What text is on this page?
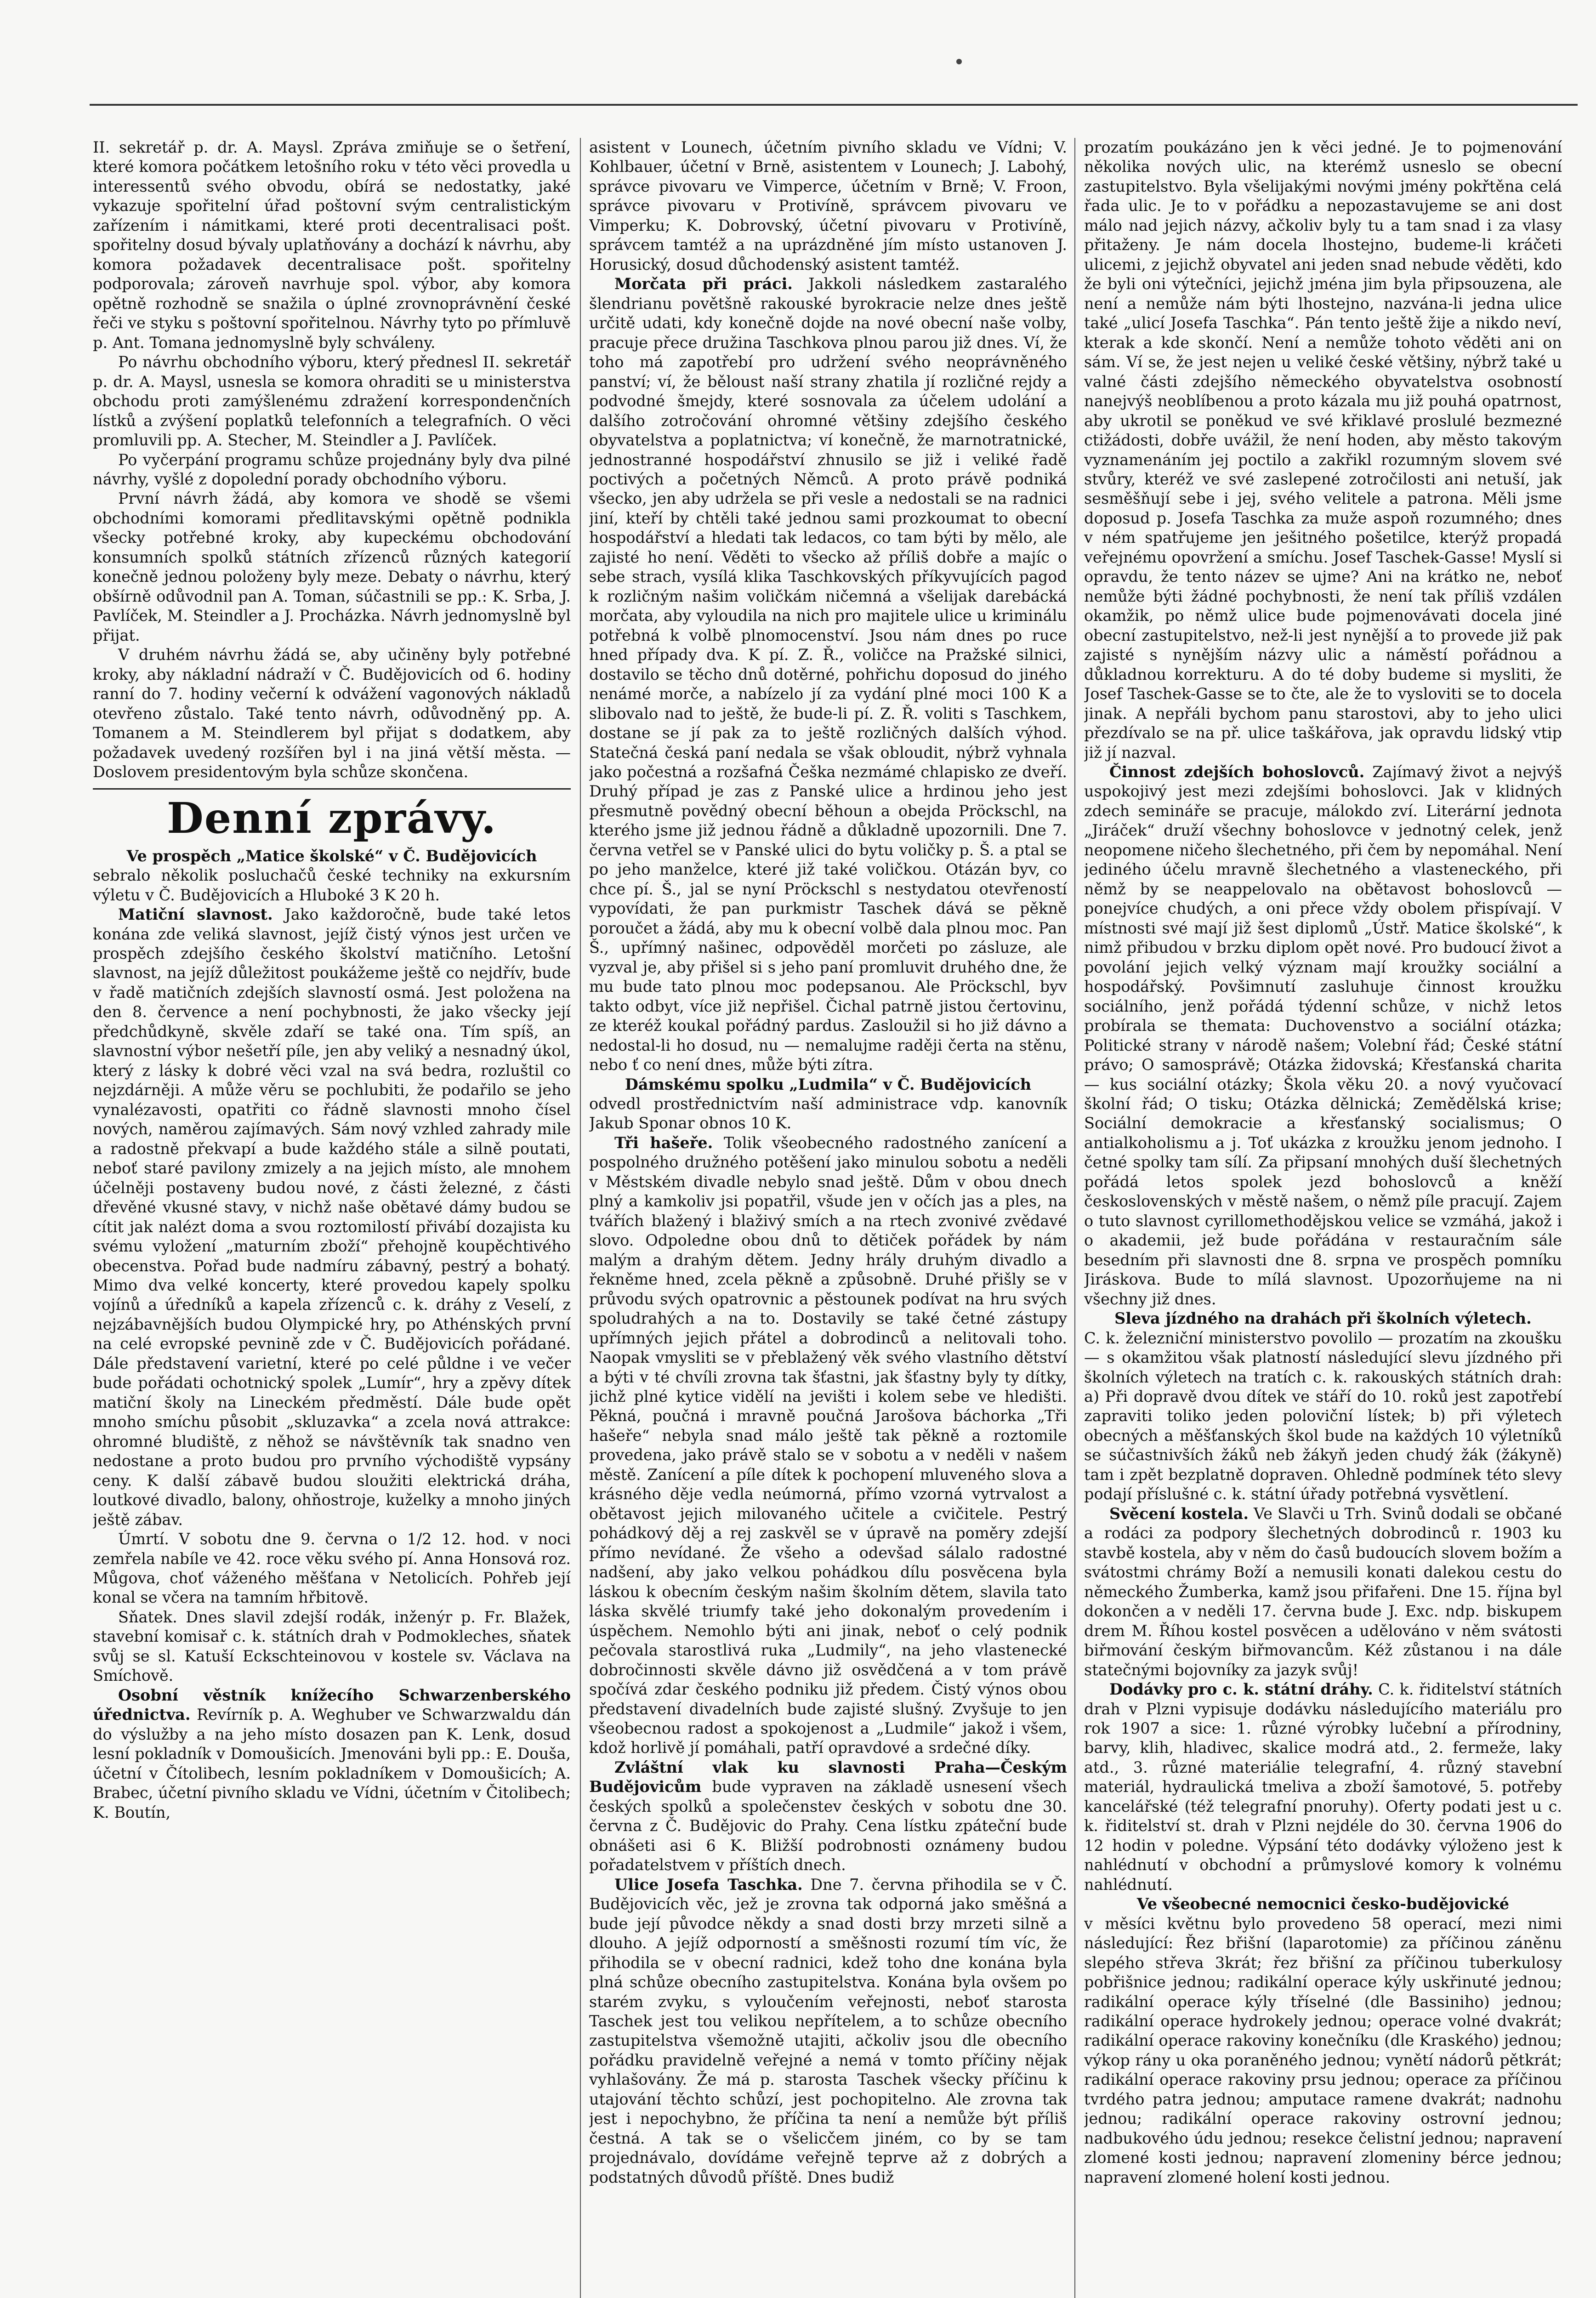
II. sekretář p. dr. A. Maysl. Zpráva zmiňuje se o šetření, které komora počátkem letošního roku v této věci provedla u interessentů svého obvodu, obírá se nedostatky, jaké vykazuje spořitelní úřad poštovní svým centralistickým zařízením i námitkami, které proti decentralisaci pošt. spořitelny dosud bývaly uplatňovány a dochází k návrhu, aby komora požadavek decentralisace pošt. spořitelny podporovala; zároveň navrhuje spol. výbor, aby komora opětně rozhodně se snažila o úplné zrovnoprávnění české řeči ve styku s poštovní spořitelnou. Návrhy tyto po přímluvě p. Ant. Tomana jednomyslně byly schváleny.

Po návrhu obchodního výboru, který přednesl II. sekretář p. dr. A. Maysl, usnesla se komora ohraditi se u ministerstva obchodu proti zamýšlenému zdražení korrespondenčních lístků a zvýšení poplatků telefonních a telegrafních. O věci promluvili pp. A. Stecher, M. Steindler a J. Pavlíček.

Po vyčerpání programu schůze projednány byly dva pilné návrhy, vyšlé z dopolední porady obchodního výboru.

První návrh žádá, aby komora ve shodě se všemi obchodními komorami předlitavskými opětně podnikla všecky potřebné kroky, aby kupeckému obchodování konsumních spolků státních zřízenců různých kategorií konečně jednou položeny byly meze. Debaty o návrhu, který obšírně odůvodnil pan A. Toman, súčastnili se pp.: K. Srba, J. Pavlíček, M. Steindler a J. Procházka. Návrh jednomyslně byl přijat.

V druhém návrhu žádá se, aby učiněny byly potřebné kroky, aby nákladní nádraží v Č. Budějovicích od 6. hodiny ranní do 7. hodiny večerní k odvážení vagonových nákladů otevřeno zůstalo. Také tento návrh, odůvodněný pp. A. Tomanem a M. Steindlerem byl přijat s dodatkem, aby požadavek uvedený rozšířen byl i na jiná větší města. — Doslovem presidentovým byla schůze skončena.

Denní zprávy.

Ve prospěch „Matice školské“ v Č. Budějovicích

sebralo několik posluchačů české techniky na exkursním výletu v Č. Budějovicích a Hluboké 3 K 20 h.

Matiční slavnost. Jako každoročně, bude také letos konána zde veliká slavnost, jejíž čistý výnos jest určen ve prospěch zdejšího českého školství matičního. Letošní slavnost, na jejíž důležitost poukážeme ještě co nejdřív, bude v řadě matičních zdejších slavností osmá. Jest položena na den 8. července a není pochybnosti, že jako všecky její předchůdkyně, skvěle zdaří se také ona. Tím spíš, an slavnostní výbor nešetří píle, jen aby veliký a nesnadný úkol, který z lásky k dobré věci vzal na svá bedra, rozluštil co nejzdárněji. A může věru se pochlubiti, že podařilo se jeho vynalézavosti, opatřiti co řádně slavnosti mnoho čísel nových, naměrou zajímavých. Sám nový vzhled zahrady mile a radostně překvapí a bude každého stále a silně poutati, neboť staré pavilony zmizely a na jejich místo, ale mnohem účelněji postaveny budou nové, z části železné, z části dřevěné vkusné stavy, v nichž naše obětavé dámy budou se cítit jak nalézt doma a svou roztomilostí přivábí dozajista ku svému vyložení „maturním zboží“ přehojně koupěchtivého obecenstva. Pořad bude nadmíru zábavný, pestrý a bohatý. Mimo dva velké koncerty, které provedou kapely spolku vojínů a úředníků a kapela zřízenců c. k. dráhy z Veselí, z nejzábavnějších budou Olympické hry, po Athénských první na celé evropské pevnině zde v Č. Budějovicích pořádané. Dále představení varietní, které po celé půldne i ve večer bude pořádati ochotnický spolek „Lumír“, hry a zpěvy dítek matiční školy na Lineckém předměstí. Dále bude opět mnoho smíchu působit „skluzavka“ a zcela nová attrakce: ohromné bludiště, z něhož se návštěvník tak snadno ven nedostane a proto budou pro prvního východiště vypsány ceny. K další zábavě budou sloužiti elektrická dráha, loutkové divadlo, balony, ohňostroje, kuželky a mnoho jiných ještě zábav.

Úmrtí. V sobotu dne 9. června o 1/2 12. hod. v noci zemřela nabíle ve 42. roce věku svého pí. Anna Honsová roz. Můgova, choť váženého měšťana v Netolicích. Pohřeb její konal se včera na tamním hřbitově.

Sňatek. Dnes slavil zdejší rodák, inženýr p. Fr. Blažek, stavební komisař c. k. státních drah v Podmokleches, sňatek svůj se sl. Katuší Eckschteinovou v kostele sv. Václava na Smíchově.

Osobní věstník knížecího Schwarzenberského úřednictva. Revírník p. A. Weghuber ve Schwarzwaldu dán do výslužby a na jeho místo dosazen pan K. Lenk, dosud lesní pokladník v Domoušicích. Jmenováni byli pp.: E. Douša, účetní v Čítolibech, lesním pokladníkem v Domoušicích; A. Brabec, účetní pivního skladu ve Vídni, účetním v Čitolibech; K. Boutín,

asistent v Lounech, účetním pivního skladu ve Vídni; V. Kohlbauer, účetní v Brně, asistentem v Lounech; J. Labohý, správce pivovaru ve Vimperce, účetním v Brně; V. Froon, správce pivovaru v Protivíně, správcem pivovaru ve Vimperku; K. Dobrovský, účetní pivovaru v Protivíně, správcem tamtéž a na uprázdněné jím místo ustanoven J. Horusický, dosud důchodenský asistent tamtéž.

Morčata při práci. Jakkoli následkem zastaralého šlendrianu povětšně rakouské byrokracie nelze dnes ještě určitě udati, kdy konečně dojde na nové obecní naše volby, pracuje přece družina Taschkova plnou parou již dnes. Ví, že toho má zapotřebí pro udržení svého neoprávněného panství; ví, že běloust naší strany zhatila jí rozličné rejdy a podvodné šmejdy, které sosnovala za účelem udolání a dalšího zotročování ohromné většiny zdejšího českého obyvatelstva a poplatnictva; ví konečně, že marnotratnické, jednostranné hospodářství zhnusilo se již i veliké řadě poctivých a početných Němců. A proto právě podniká všecko, jen aby udržela se při vesle a nedostali se na radnici jiní, kteří by chtěli také jednou sami prozkoumat to obecní hospodářství a hledati tak ledacos, co tam býti by mělo, ale zajisté ho není. Věděti to všecko až příliš dobře a majíc o sebe strach, vysílá klika Taschkovských příkyvujících pagod k rozličným našim voličkám ničemná a všelijak darebácká morčata, aby vyloudila na nich pro majitele ulice u kriminálu potřebná k volbě plnomocenství. Jsou nám dnes po ruce hned případy dva. K pí. Z. Ř., voličce na Pražské silnici, dostavilo se těcho dnů dotěrné, pohřichu doposud do jiného nenámé morče, a nabízelo jí za vydání plné moci 100 K a slibovalo nad to ještě, že bude-li pí. Z. Ř. voliti s Taschkem, dostane se jí pak za to ještě rozličných dalších výhod. Statečná česká paní nedala se však obloudit, nýbrž vyhnala jako počestná a rozšafná Češka nezmámé chlapisko ze dveří. Druhý případ je zas z Panské ulice a hrdinou jeho jest přesmutně povědný obecní běhoun a obejda Pröckschl, na kterého jsme již jednou řádně a důkladně upozornili. Dne 7. června vetřel se v Panské ulici do bytu voličky p. Š. a ptal se po jeho manželce, které již také voličkou. Otázán byv, co chce pí. Š., jal se nyní Pröckschl s nestydatou otevřeností vypovídati, že pan purkmistr Taschek dává se pěkně poroučet a žádá, aby mu k obecní volbě dala plnou moc. Pan Š., upřímný našinec, odpověděl morčeti po zásluze, ale vyzval je, aby přišel si s jeho paní promluvit druhého dne, že mu bude tato plnou moc podepsanou. Ale Pröckschl, byv takto odbyt, více již nepřišel. Čichal patrně jistou čertovinu, ze kteréž koukal pořádný pardus. Zasloužil si ho již dávno a nedostal-li ho dosud, nu — nemalujme raději čerta na stěnu, nebo ť co není dnes, může býti zítra.

Dámskému spolku „Ludmila“ v Č. Budějovicích

odvedl prostřednictvím naší administrace vdp. kanovník Jakub Sponar obnos 10 K.

Tři hašeře. Tolik všeobecného radostného zanícení a pospolného družného potěšení jako minulou sobotu a neděli v Městském divadle nebylo snad ještě. Dům v obou dnech plný a kamkoliv jsi popatřil, všude jen v očích jas a ples, na tvářích blažený i blaživý smích a na rtech zvonivé zvědavé slovo. Odpoledne obou dnů to dětiček pořádek by nám malým a drahým dětem. Jedny hrály druhým divadlo a řekněme hned, zcela pěkně a způsobně. Druhé přišly se v průvodu svých opatrovnic a pěstounek podívat na hru svých spoludrahých a na to. Dostavily se také četné zástupy upřímných jejich přátel a dobrodinců a nelitovali toho. Naopak vmysliti se v přeblažený věk svého vlastního dětství a býti v té chvíli zrovna tak šťastni, jak šťastny byly ty dítky, jichž plné kytice vidělí na jevišti i kolem sebe ve hledišti. Pěkná, poučná i mravně poučná Jarošova báchorka „Tři hašeře“ nebyla snad málo ještě tak pěkně a roztomile provedena, jako právě stalo se v sobotu a v neděli v našem městě. Zanícení a píle dítek k pochopení mluveného slova a krásného děje vedla neúmorná, přímo vzorná vytrvalost a obětavost jejich milovaného učitele a cvičitele. Pestrý pohádkový děj a rej zaskvěl se v úpravě na poměry zdejší přímo nevídané. Že všeho a odevšad sálalo radostné nadšení, aby jako velkou pohádkou dílu posvěcena byla láskou k obecním českým našim školním dětem, slavila tato láska skvělé triumfy také jeho dokonalým provedením i úspěchem. Nemohlo býti ani jinak, neboť o celý podnik pečovala starostlivá ruka „Ludmily“, na jeho vlastenecké dobročinnosti skvěle dávno již osvědčená a v tom právě spočívá zdar českého podniku již předem. Čistý výnos obou představení divadelních bude zajisté slušný. Zvyšuje to jen všeobecnou radost a spokojenost a „Ludmile“ jakož i všem, kdož horlivě jí pomáhali, patří opravdové a srdečné díky.

Zvláštní vlak ku slavnosti Praha—Českým Budějovicům bude vypraven na základě usnesení všech českých spolků a společenstev českých v sobotu dne 30. června z Č. Budějovic do Prahy. Cena lístku zpáteční bude obnášeti asi 6 K. Bližší podrobnosti oznámeny budou pořadatelstvem v příštích dnech.

Ulice Josefa Taschka. Dne 7. června přihodila se v Č. Budějovicích věc, jež je zrovna tak odporná jako směšná a bude její původce někdy a snad dosti brzy mrzeti silně a dlouho. A jejíž odporností a směšnosti rozumí tím víc, že přihodila se v obecní radnici, kdež toho dne konána byla plná schůze obecního zastupitelstva. Konána byla ovšem po starém zvyku, s vyloučením veřejnosti, neboť starosta Taschek jest tou velikou nepřítelem, a to schůze obecního zastupitelstva všemožně utajiti, ačkoliv jsou dle obecního pořádku pravidelně veřejné a nemá v tomto příčiny nějak vyhlašovány. Že má p. starosta Taschek všecky příčinu k utajování těchto schůzí, jest pochopitelno. Ale zrovna tak jest i nepochybno, že příčina ta není a nemůže být příliš čestná. A tak se o všelicčem jiném, co by se tam projednávalo, dovídáme veřejně teprve až z dobrých a podstatných důvodů příště. Dnes budiž

prozatím poukázáno jen k věci jedné. Je to pojmenování několika nových ulic, na kterémž usneslo se obecní zastupitelstvo. Byla všelijakými novými jmény pokřtěna celá řada ulic. Je to v pořádku a nepozastavujeme se ani dost málo nad jejich názvy, ačkoliv byly tu a tam snad i za vlasy přitaženy. Je nám docela lhostejno, budeme-li kráčeti ulicemi, z jejichž obyvatel ani jeden snad nebude věděti, kdo že byli oni výtečníci, jejichž jména jim byla připsouzena, ale není a nemůže nám býti lhostejno, nazvána-li jedna ulice také „ulicí Josefa Taschka“. Pán tento ještě žije a nikdo neví, kterak a kde skončí. Není a nemůže tohoto věděti ani on sám. Ví se, že jest nejen u veliké české většiny, nýbrž také u valné části zdejšího německého obyvatelstva osobností nanejvýš neoblíbenou a proto kázala mu již pouhá opatrnost, aby ukrotil se poněkud ve své křiklavé proslulé bezmezné ctižádosti, dobře uvážil, že není hoden, aby město takovým vyznamenáním jej poctilo a zakřikl rozumným slovem své stvůry, kteréž ve své zaslepené zotročilosti ani netuší, jak sesměšňují sebe i jej, svého velitele a patrona. Měli jsme doposud p. Josefa Taschka za muže aspoň rozumného; dnes v ném spatřujeme jen ješitného pošetilce, kterýž propadá veřejnému opovržení a smíchu. Josef Taschek-Gasse! Myslí si opravdu, že tento název se ujme? Ani na krátko ne, neboť nemůže býti žádné pochybnosti, že není tak příliš vzdálen okamžik, po němž ulice bude pojmenovávati docela jiné obecní zastupitelstvo, než-li jest nynější a to provede již pak zajisté s nynějším názvy ulic a náměstí pořádnou a důkladnou korrekturu. A do té doby budeme si mysliti, že Josef Taschek-Gasse se to čte, ale že to vysloviti se to docela jinak. A nepřáli bychom panu starostovi, aby to jeho ulici přezdívalo se na př. ulice taškářova, jak opravdu lidský vtip již jí nazval.

Činnost zdejších bohoslovců. Zajímavý život a nejvýš uspokojivý jest mezi zdejšími bohoslovci. Jak v klidných zdech semináře se pracuje, málokdo zví. Literární jednota „Jiráček“ druží všechny bohoslovce v jednotný celek, jenž neopomene ničeho šlechetného, při čem by nepomáhal. Není jediného účelu mravně šlechetného a vlasteneckého, při němž by se neappelovalo na obětavost bohoslovců — ponejvíce chudých, a oni přece vždy obolem přispívají. V místnosti své mají již šest diplomů „Ústř. Matice školské“, k nimž přibudou v brzku diplom opět nové. Pro budoucí život a povolání jejich velký význam mají kroužky sociální a hospodářský. Povšimnutí zasluhuje činnost kroužku sociálního, jenž pořádá týdenní schůze, v nichž letos probírala se themata: Duchovenstvo a sociální otázka; Politické strany v národě našem; Volební řád; České státní právo; O samosprávě; Otázka židovská; Křesťanská charita — kus sociální otázky; Škola věku 20. a nový vyučovací školní řád; O tisku; Otázka dělnická; Zemědělská krise; Sociální demokracie a křesťanský socialismus; O antialkoholismu a j. Toť ukázka z kroužku jenom jednoho. I četné spolky tam sílí. Za připsaní mnohých duší šlechetných pořádá letos spolek jezd bohoslovců a kněží československých v městě našem, o němž píle pracují. Zajem o tuto slavnost cyrillomethodějskou velice se vzmáhá, jakož i o akademii, jež bude pořádána v restauračním sále besedním při slavnosti dne 8. srpna ve prospěch pomníku Jiráskova. Bude to mílá slavnost. Upozorňujeme na ni všechny již dnes.

Sleva jízdného na drahách při školních výletech.

C. k. železniční ministerstvo povolilo — prozatím na zkoušku — s okamžitou však platností následující slevu jízdného při školních výletech na tratích c. k. rakouských státních drah: a) Při dopravě dvou dítek ve stáří do 10. roků jest zapotřebí zapraviti toliko jeden poloviční lístek; b) při výletech obecných a měšťanských škol bude na každých 10 výletníků se súčastnivších žáků neb žákyň jeden chudý žák (žákyně) tam i zpět bezplatně dopraven. Ohledně podmínek této slevy podají příslušné c. k. státní úřady potřebná vysvětlení.

Svěcení kostela. Ve Slavči u Trh. Svinů dodali se občané a rodáci za podpory šlechetných dobrodinců r. 1903 ku stavbě kostela, aby v něm do časů budoucích slovem božím a svátostmi chrámy Boží a nemusili konati dalekou cestu do německého Žumberka, kamž jsou přifařeni. Dne 15. října byl dokončen a v neděli 17. června bude J. Exc. ndp. biskupem drem M. Říhou kostel posvěcen a udělováno v něm svátosti biřmování českým biřmovancům. Kéž zůstanou i na dále statečnými bojovníky za jazyk svůj!

Dodávky pro c. k. státní dráhy. C. k. řiditelství státních drah v Plzni vypisuje dodávku následujícího materiálu pro rok 1907 a sice: 1. různé výrobky lučební a přírodniny, barvy, klih, hladivec, skalice modrá atd., 2. fermeže, laky atd., 3. různé materiálie telegrafní, 4. různý stavební materiál, hydraulická tmeliva a zboží šamotové, 5. potřeby kancelářské (též telegrafní pnoruhy). Oferty podati jest u c. k. řiditelství st. drah v Plzni nejdéle do 30. června 1906 do 12 hodin v poledne. Výpsání této dodávky výloženo jest k nahlédnutí v obchodní a průmyslové komory k volnému nahlédnutí.

Ve všeobecné nemocnici česko-budějovické

v měsíci květnu bylo provedeno 58 operací, mezi nimi následující: Řez břišní (laparotomie) za příčinou záněnu slepého střeva 3krát; řez břišní za příčinou tuberkulosy pobřišnice jednou; radikální operace kýly uskřinuté jednou; radikální operace kýly tříselné (dle Bassiniho) jednou; radikální operace hydrokely jednou; operace volné dvakrát; radikální operace rakoviny konečníku (dle Kraského) jednou; výkop rány u oka poraněného jednou; vynětí nádorů pětkrát; radikální operace rakoviny prsu jednou; operace za příčinou tvrdého patra jednou; amputace ramene dvakrát; nadnohu jednou; radikální operace rakoviny ostrovní jednou; nadbukového údu jednou; resekce čelistní jednou; napravení zlomené kosti jednou; napravení zlomeniny bérce jednou; napravení zlomené holení kosti jednou.
